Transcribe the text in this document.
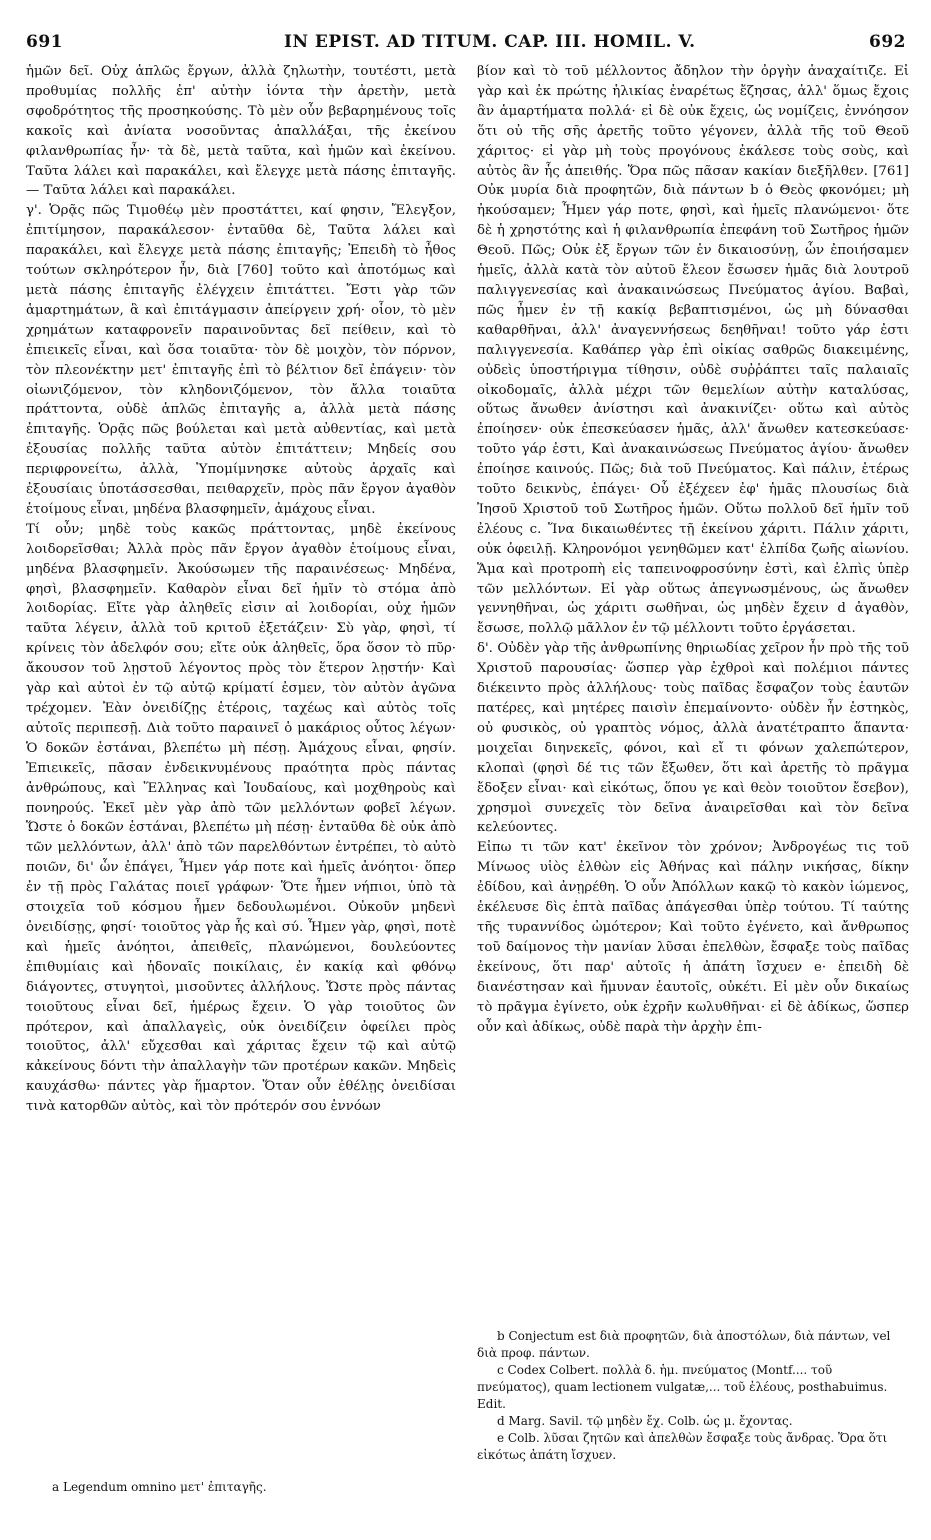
691	IN EPIST. AD TITUM. CAP. III. HOMIL. V.	692

ἡμῶν δεῖ. Οὐχ ἁπλῶς ἔργων, ἀλλὰ ζηλωτὴν, τουτέστι, μετὰ προθυμίας πολλῆς ἐπ' αὐτὴν ἰόντα τὴν ἀρετὴν, μετὰ σφοδρότητος τῆς προσηκούσης. Τὸ μὲν οὖν βεβαρημένους τοῖς κακοῖς καὶ ἀνίατα νοσοῦντας ἀπαλλάξαι, τῆς ἐκείνου φιλανθρωπίας ἦν· τὰ δὲ, μετὰ ταῦτα, καὶ ἡμῶν καὶ ἐκείνου. Ταῦτα λάλει καὶ παρακάλει, καὶ ἔλεγχε μετὰ πάσης ἐπιταγῆς. — Ταῦτα λάλει καὶ παρακάλει.

γ'. Ὁρᾷς πῶς Τιμοθέῳ μὲν προστάττει, καί φησιν, Ἔλεγξον, ἐπιτίμησον, παρακάλεσον· ἐνταῦθα δὲ, Ταῦτα λάλει καὶ παρακάλει, καὶ ἔλεγχε μετὰ πάσης ἐπιταγῆς; Ἐπειδὴ τὸ ἦθος τούτων σκληρότερον ἦν, διὰ [760] τοῦτο καὶ ἀποτόμως καὶ μετὰ πάσης ἐπιταγῆς ἐλέγχειν ἐπιτάττει. Ἔστι γὰρ τῶν ἁμαρτημάτων, ἃ καὶ ἐπιτάγμασιν ἀπείργειν χρή· οἷον, τὸ μὲν χρημάτων καταφρονεῖν παραινοῦντας δεῖ πείθειν, καὶ τὸ ἐπιεικεῖς εἶναι, καὶ ὅσα τοιαῦτα· τὸν δὲ μοιχὸν, τὸν πόρνον, τὸν πλεονέκτην μετ' ἐπιταγῆς ἐπὶ τὸ βέλτιον δεῖ ἐπάγειν· τὸν οἰωνιζόμενον, τὸν κληδονιζόμενον, τὸν ἄλλα τοιαῦτα πράττοντα, οὐδὲ ἁπλῶς ἐπιταγῆς a, ἀλλὰ μετὰ πάσης ἐπιταγῆς. Ὁρᾷς πῶς βούλεται καὶ μετὰ αὐθεντίας, καὶ μετὰ ἐξουσίας πολλῆς ταῦτα αὐτὸν ἐπιτάττειν; Μηδείς σου περιφρονείτω, ἀλλὰ, Ὑπομίμνησκε αὐτοὺς ἀρχαῖς καὶ ἐξουσίαις ὑποτάσσεσθαι, πειθαρχεῖν, πρὸς πᾶν ἔργον ἀγαθὸν ἑτοίμους εἶναι, μηδένα βλασφημεῖν, ἀμάχους εἶναι.

Τί οὖν; μηδὲ τοὺς κακῶς πράττοντας, μηδὲ ἐκείνους λοιδορεῖσθαι; Ἀλλὰ πρὸς πᾶν ἔργον ἀγαθὸν ἑτοίμους εἶναι, μηδένα βλασφημεῖν. Ἀκούσωμεν τῆς παραινέσεως· Μηδένα, φησὶ, βλασφημεῖν. Καθαρὸν εἶναι δεῖ ἡμῖν τὸ στόμα ἀπὸ λοιδορίας. Εἴτε γὰρ ἀληθεῖς εἰσιν αἱ λοιδορίαι, οὐχ ἡμῶν ταῦτα λέγειν, ἀλλὰ τοῦ κριτοῦ ἐξετάζειν· Σὺ γὰρ, φησὶ, τί κρίνεις τὸν ἀδελφόν σου; εἴτε οὐκ ἀληθεῖς, ὅρα ὅσον τὸ πῦρ· ἄκουσον τοῦ λῃστοῦ λέγοντος πρὸς τὸν ἕτερον λῃστήν· Καὶ γὰρ καὶ αὐτοὶ ἐν τῷ αὐτῷ κρίματί ἐσμεν, τὸν αὐτὸν ἀγῶνα τρέχομεν. Ἐὰν ὀνειδίζῃς ἑτέροις, ταχέως καὶ αὐτὸς τοῖς αὐτοῖς περιπεσῇ. Διὰ τοῦτο παραινεῖ ὁ μακάριος οὗτος λέγων· Ὁ δοκῶν ἑστάναι, βλεπέτω μὴ πέσῃ. Ἀμάχους εἶναι, φησίν. Ἐπιεικεῖς, πᾶσαν ἐνδεικνυμένους πραότητα πρὸς πάντας ἀνθρώπους, καὶ Ἕλληνας καὶ Ἰουδαίους, καὶ μοχθηροὺς καὶ πονηρούς. Ἐκεῖ μὲν γὰρ ἀπὸ τῶν μελλόντων φοβεῖ λέγων. Ὥστε ὁ δοκῶν ἑστάναι, βλεπέτω μὴ πέσῃ· ἐνταῦθα δὲ οὐκ ἀπὸ τῶν μελλόντων, ἀλλ' ἀπὸ τῶν παρελθόντων ἐντρέπει, τὸ αὐτὸ ποιῶν, δι' ὧν ἐπάγει, Ἦμεν γάρ ποτε καὶ ἡμεῖς ἀνόητοι· ὅπερ ἐν τῇ πρὸς Γαλάτας ποιεῖ γράφων· Ὅτε ἦμεν νήπιοι, ὑπὸ τὰ στοιχεῖα τοῦ κόσμου ἦμεν δεδουλωμένοι. Οὐκοῦν μηδενὶ ὀνειδίσῃς, φησί· τοιοῦτος γὰρ ἧς καὶ σύ. Ἦμεν γὰρ, φησὶ, ποτὲ καὶ ἡμεῖς ἀνόητοι, ἀπειθεῖς, πλανώμενοι, δουλεύοντες ἐπιθυμίαις καὶ ἡδοναῖς ποικίλαις, ἐν κακίᾳ καὶ φθόνῳ διάγοντες, στυγητοὶ, μισοῦντες ἀλλήλους. Ὥστε πρὸς πάντας τοιοῦτους εἶναι δεῖ, ἡμέρως ἔχειν. Ὁ γὰρ τοιοῦτος ὢν πρότερον, καὶ ἀπαλλαγεὶς, οὐκ ὀνειδίζειν ὀφείλει πρὸς τοιοῦτος, ἀλλ' εὔχεσθαι καὶ χάριτας ἔχειν τῷ καὶ αὐτῷ κἀκείνους δόντι τὴν ἀπαλλαγὴν τῶν προτέρων κακῶν. Μηδεὶς καυχάσθω· πάντες γὰρ ἥμαρτον. Ὅταν οὖν ἐθέλῃς ὀνειδίσαι τινὰ κατορθῶν αὐτὸς, καὶ τὸν πρότερόν σου ἐννόων

a Legendum omnino μετ' ἐπιταγῆς.

βίον καὶ τὸ τοῦ μέλλοντος ἄδηλον τὴν ὀργὴν ἀναχαίτιζε. Εἰ γὰρ καὶ ἐκ πρώτης ἡλικίας ἐναρέτως ἔζησας, ἀλλ' ὅμως ἔχοις ἂν ἁμαρτήματα πολλά· εἰ δὲ οὐκ ἔχεις, ὡς νομίζεις, ἐννόησον ὅτι οὐ τῆς σῆς ἀρετῆς τοῦτο γέγονεν, ἀλλὰ τῆς τοῦ Θεοῦ χάριτος· εἰ γὰρ μὴ τοὺς προγόνους ἐκάλεσε τοὺς σοὺς, καὶ αὐτὸς ἂν ἧς ἀπειθής. Ὅρα πῶς πᾶσαν κακίαν διεξῆλθεν. [761] Οὐκ μυρία διὰ προφητῶν, διὰ πάντων b ὁ Θεὸς φκονόμει; μὴ ἠκούσαμεν; Ἦμεν γάρ ποτε, φησὶ, καὶ ἡμεῖς πλανώμενοι· ὅτε δὲ ἡ χρηστότης καὶ ἡ φιλανθρωπία ἐπεφάνη τοῦ Σωτῆρος ἡμῶν Θεοῦ. Πῶς; Οὐκ ἐξ ἔργων τῶν ἐν δικαιοσύνῃ, ὧν ἐποιήσαμεν ἡμεῖς, ἀλλὰ κατὰ τὸν αὐτοῦ ἔλεον ἔσωσεν ἡμᾶς διὰ λουτροῦ παλιγγενεσίας καὶ ἀνακαινώσεως Πνεύματος ἁγίου. Βαβαὶ, πῶς ἦμεν ἐν τῇ κακίᾳ βεβαπτισμένοι, ὡς μὴ δύνασθαι καθαρθῆναι, ἀλλ' ἀναγεννήσεως δεηθῆναι! τοῦτο γάρ ἐστι παλιγγενεσία. Καθάπερ γὰρ ἐπὶ οἰκίας σαθρῶς διακειμένης, οὐδεὶς ὑποστήριγμα τίθησιν, οὐδὲ συῤῥάπτει ταῖς παλαιαῖς οἰκοδομαῖς, ἀλλὰ μέχρι τῶν θεμελίων αὐτὴν καταλύσας, οὕτως ἄνωθεν ἀνίστησι καὶ ἀνακινίζει· οὕτω καὶ αὐτὸς ἐποίησεν· οὐκ ἐπεσκεύασεν ἡμᾶς, ἀλλ' ἄνωθεν κατεσκεύασε· τοῦτο γάρ ἐστι, Καὶ ἀνακαινώσεως Πνεύματος ἁγίου· ἄνωθεν ἐποίησε καινούς. Πῶς; διὰ τοῦ Πνεύματος. Καὶ πάλιν, ἑτέρως τοῦτο δεικνὺς, ἐπάγει· Οὗ ἐξέχεεν ἐφ' ἡμᾶς πλουσίως διὰ Ἰησοῦ Χριστοῦ τοῦ Σωτῆρος ἡμῶν. Οὕτω πολλοῦ δεῖ ἡμῖν τοῦ ἐλέους c. Ἵνα δικαιωθέντες τῇ ἐκείνου χάριτι. Πάλιν χάριτι, οὐκ ὀφειλῇ. Κληρονόμοι γενηθῶμεν κατ' ἐλπίδα ζωῆς αἰωνίου. Ἅμα καὶ προτροπὴ εἰς ταπεινοφροσύνην ἐστὶ, καὶ ἐλπὶς ὑπὲρ τῶν μελλόντων. Εἰ γὰρ οὕτως ἀπεγνωσμένους, ὡς ἄνωθεν γεννηθῆναι, ὡς χάριτι σωθῆναι, ὡς μηδὲν ἔχειν d ἀγαθὸν, ἔσωσε, πολλῷ μᾶλλον ἐν τῷ μέλλοντι τοῦτο ἐργάσεται.

δ'. Οὐδὲν γὰρ τῆς ἀνθρωπίνης θηριωδίας χεῖρον ἦν πρὸ τῆς τοῦ Χριστοῦ παρουσίας· ὥσπερ γὰρ ἐχθροὶ καὶ πολέμιοι πάντες διέκειντο πρὸς ἀλλήλους· τοὺς παῖδας ἔσφαζον τοὺς ἑαυτῶν πατέρες, καὶ μητέρες παισὶν ἐπεμαίνοντο· οὐδὲν ἦν ἑστηκὸς, οὐ φυσικὸς, οὐ γραπτὸς νόμος, ἀλλὰ ἀνατέτραπτο ἅπαντα· μοιχεῖαι διηνεκεῖς, φόνοι, καὶ εἴ τι φόνων χαλεπώτερον, κλοπαὶ (φησὶ δέ τις τῶν ἔξωθεν, ὅτι καὶ ἀρετῆς τὸ πρᾶγμα ἔδοξεν εἶναι· καὶ εἰκότως, ὅπου γε καὶ θεὸν τοιοῦτον ἔσεβον), χρησμοὶ συνεχεῖς τὸν δεῖνα ἀναιρεῖσθαι καὶ τὸν δεῖνα κελεύοντες.

Εἰπω τι τῶν κατ' ἐκεῖνον τὸν χρόνον; Ἀνδρογέως τις τοῦ Μίνωος υἱὸς ἐλθὼν εἰς Ἀθήνας καὶ πάλην νικήσας, δίκην ἐδίδου, καὶ ἀνῃρέθη. Ὁ οὖν Ἀπόλλων κακῷ τὸ κακὸν ἰώμενος, ἐκέλευσε δὶς ἑπτὰ παῖδας ἀπάγεσθαι ὑπὲρ τούτου. Τί ταύτης τῆς τυραννίδος ὠμότερον; Καὶ τοῦτο ἐγένετο, καὶ ἄνθρωπος τοῦ δαίμονος τὴν μανίαν λῦσαι ἐπελθὼν, ἔσφαξε τοὺς παῖδας ἐκείνους, ὅτι παρ' αὐτοῖς ἡ ἀπάτη ἴσχυεν e· ἐπειδὴ δὲ διανέστησαν καὶ ἤμυναν ἑαυτοῖς, οὐκέτι. Εἰ μὲν οὖν δικαίως τὸ πρᾶγμα ἐγίνετο, οὐκ ἐχρῆν κωλυθῆναι· εἰ δὲ ἀδίκως, ὥσπερ οὖν καὶ ἀδίκως, οὐδὲ παρὰ τὴν ἀρχὴν ἐπι-

b Conjectum est διὰ προφητῶν, διὰ ἀποστόλων, διὰ πάντων, vel διὰ προφ. πάντων.

c Codex Colbert. πολλὰ δ. ἡμ. πνεύματος (Montf.... τοῦ πνεύματος), quam lectionem vulgatæ,... τοῦ ἐλέους, posthabuimus. Edit.

d Marg. Savil. τῷ μηδὲν ἔχ. Colb. ὡς μ. ἔχοντας.

e Colb. λῦσαι ζητῶν καὶ ἀπελθὼν ἔσφαξε τοὺς ἄνδρας. Ὅρα ὅτι εἰκότως ἀπάτη ἴσχυεν.
